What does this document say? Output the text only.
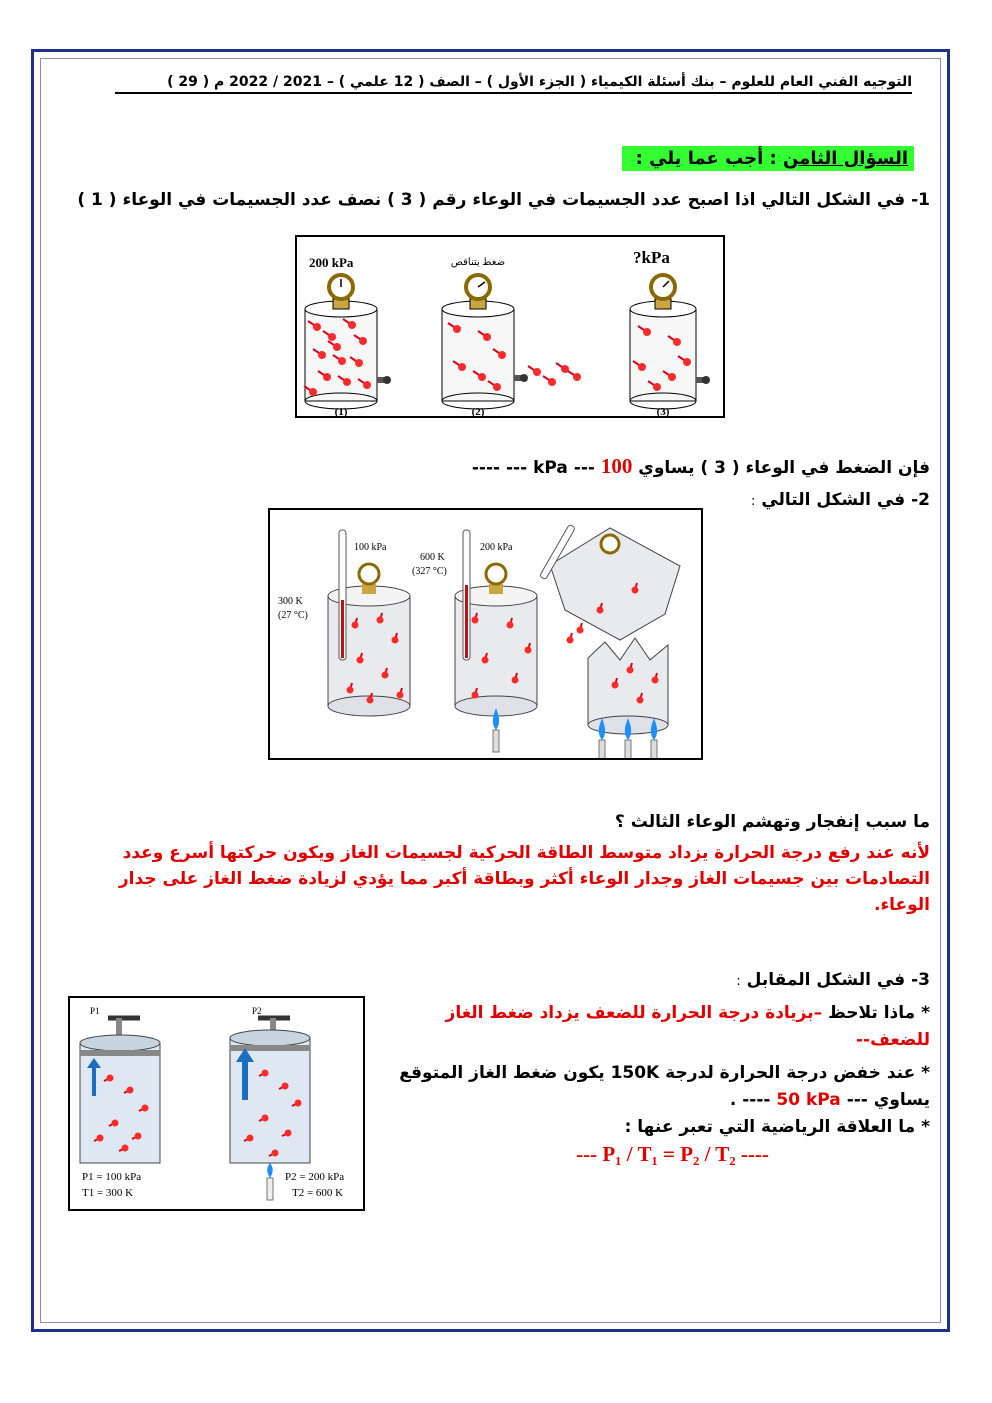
التوجيه الفني العام للعلوم – بنك أسئلة الكيمياء ( الجزء الأول ) – الصف ( 12 علمي ) – 2021 / 2022 م ( 29 )
السؤال الثامن : أجب عما يلي :
1- في الشكل التالي اذا اصبح عدد الجسيمات في الوعاء رقم ( 3 ) نصف عدد الجسيمات في الوعاء ( 1 )
200 kPa	ضغط يتناقص	?kPa
(1)	(2)	(3)
فإن الضغط في الوعاء ( 3 ) يساوي kPa --- 100 --- ----
2- في الشكل التالي :
100 kPa
300 K
(27 °C)
200 kPa
600 K
(327 °C)
ما سبب إنفجار وتهشم الوعاء الثالث ؟
لأنه عند رفع درجة الحرارة يزداد متوسط الطاقة الحركية لجسيمات الغاز ويكون حركتها أسرع وعدد التصادمات بين جسيمات الغاز وجدار الوعاء أكثر وبطاقة أكبر مما يؤدي لزيادة ضغط الغاز على جدار الوعاء.
3- في الشكل المقابل :
* ماذا تلاحظ –بزيادة درجة الحرارة للضعف يزداد ضغط الغاز للضعف--
* عند خفض درجة الحرارة لدرجة 150K يكون ضغط الغاز المتوقع يساوي --- 50 kPa ---- .
* ما العلاقة الرياضية التي تعبر عنها :
--- P₁ / T₁ = P₂ / T₂ ----
P1	P2
P1 = 100 kPa
T1 = 300 K
P2 = 200 kPa
T2 = 600 K
